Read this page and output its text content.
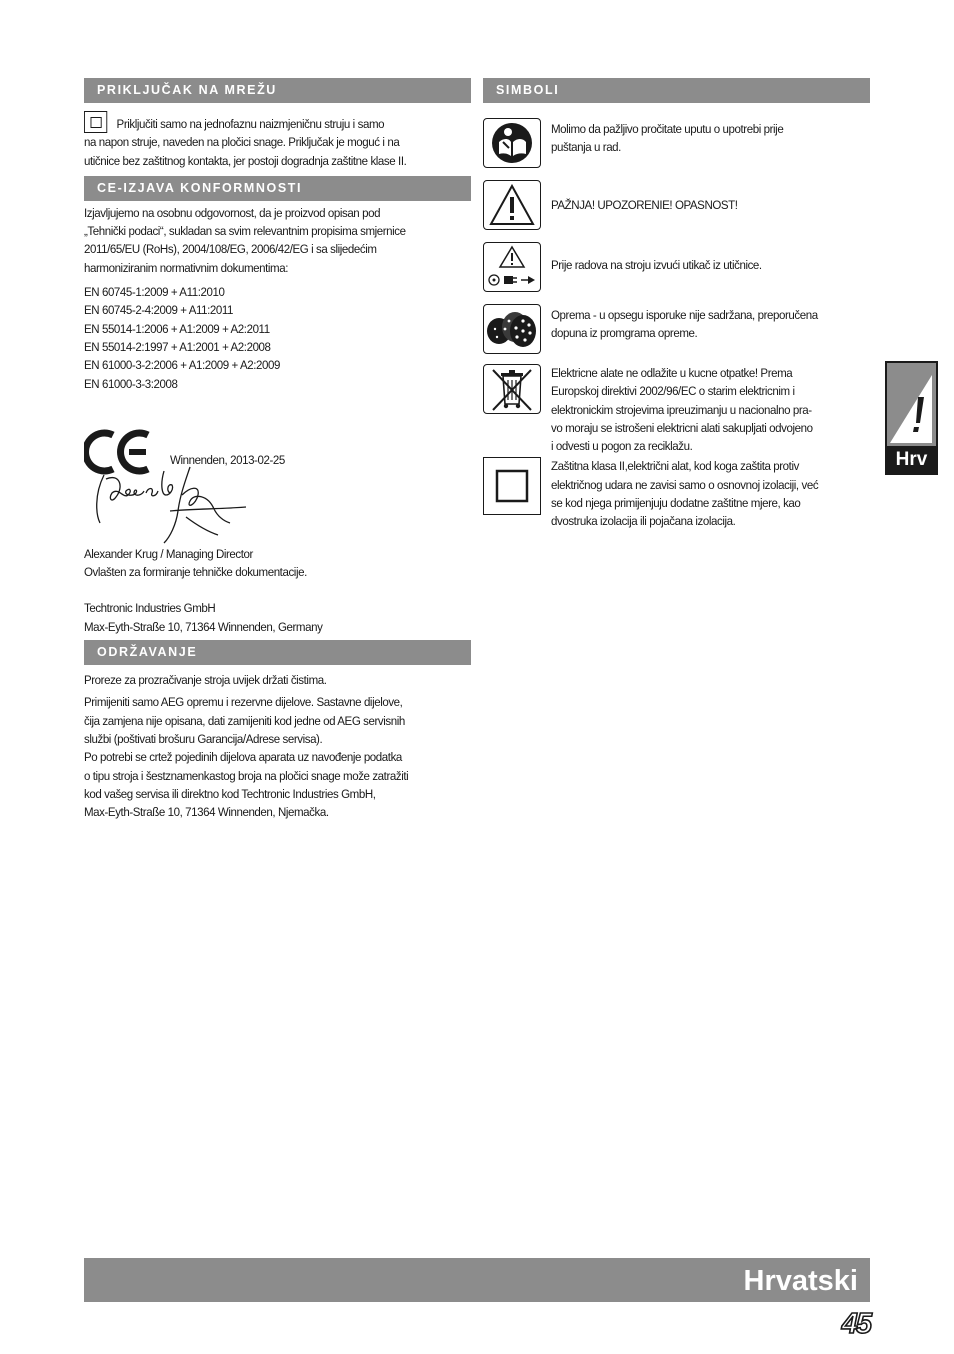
PRIKLJUČAK NA MREŽU
Priključiti samo na jednofaznu naizmjeničnu struju i samo
na napon struje, naveden na pločici snage. Priključak je moguć i na
utičnice bez zaštitnog kontakta, jer postoji dogradnja zaštitne klase II.
CE-IZJAVA KONFORMNOSTI
Izjavljujemo na osobnu odgovornost, da je proizvod opisan pod
„Tehnički podaci“, sukladan sa svim relevantnim propisima smjernice
2011/65/EU (RoHs), 2004/108/EG, 2006/42/EG i sa slijedećim
harmoniziranim normativnim dokumentima:
EN 60745-1:2009 + A11:2010
EN 60745-2-4:2009 + A11:2011
EN 55014-1:2006 + A1:2009 + A2:2011
EN 55014-2:1997 + A1:2001 + A2:2008
EN 61000-3-2:2006 + A1:2009 + A2:2009
EN 61000-3-3:2008
Winnenden, 2013-02-25
Alexander Krug / Managing Director
Ovlašten za formiranje tehničke dokumentacije.
Techtronic Industries GmbH
Max-Eyth-Straße 10, 71364 Winnenden, Germany
ODRŽAVANJE
Proreze za prozračivanje stroja uvijek držati čistima.
Primijeniti samo AEG opremu i rezervne dijelove. Sastavne dijelove,
čija zamjena nije opisana, dati zamijeniti kod jedne od AEG servisnih
službi (poštivati brošuru Garancija/Adrese servisa).
Po potrebi se crtež pojedinih dijelova aparata uz navođenje podatka
o tipu stroja i šestznamenkastog broja na pločici snage može zatražiti
kod vašeg servisa ili direktno kod Techtronic Industries GmbH,
Max-Eyth-Straße 10, 71364 Winnenden, Njemačka.
SIMBOLI
Molimo da pažljivo pročitate uputu o upotrebi prije
puštanja u rad.
PAŽNJA! UPOZORENIE! OPASNOST!
Prije radova na stroju izvući utikač iz utičnice.
Oprema - u opsegu isporuke nije sadržana, preporučena
dopuna iz promgrama opreme.
Elektricne alate ne odlažite u kucne otpatke! Prema
Europskoj direktivi 2002/96/EC o starim elektricnim i
elektronickim strojevima ipreuzimanju u nacionalno pra-
vo moraju se istrošeni elektricni alati sakupljati odvojeno
i odvesti u pogon za reciklažu.
Zaštitna klasa II,električni alat, kod koga zaštita protiv
električnog udara ne zavisi samo o osnovnoj izolaciji, već
se kod njega primijenjuju dodatne zaštitne mjere, kao
dvostruka izolacija ili pojačana izolacija.
Hrv
Hrvatski
45
